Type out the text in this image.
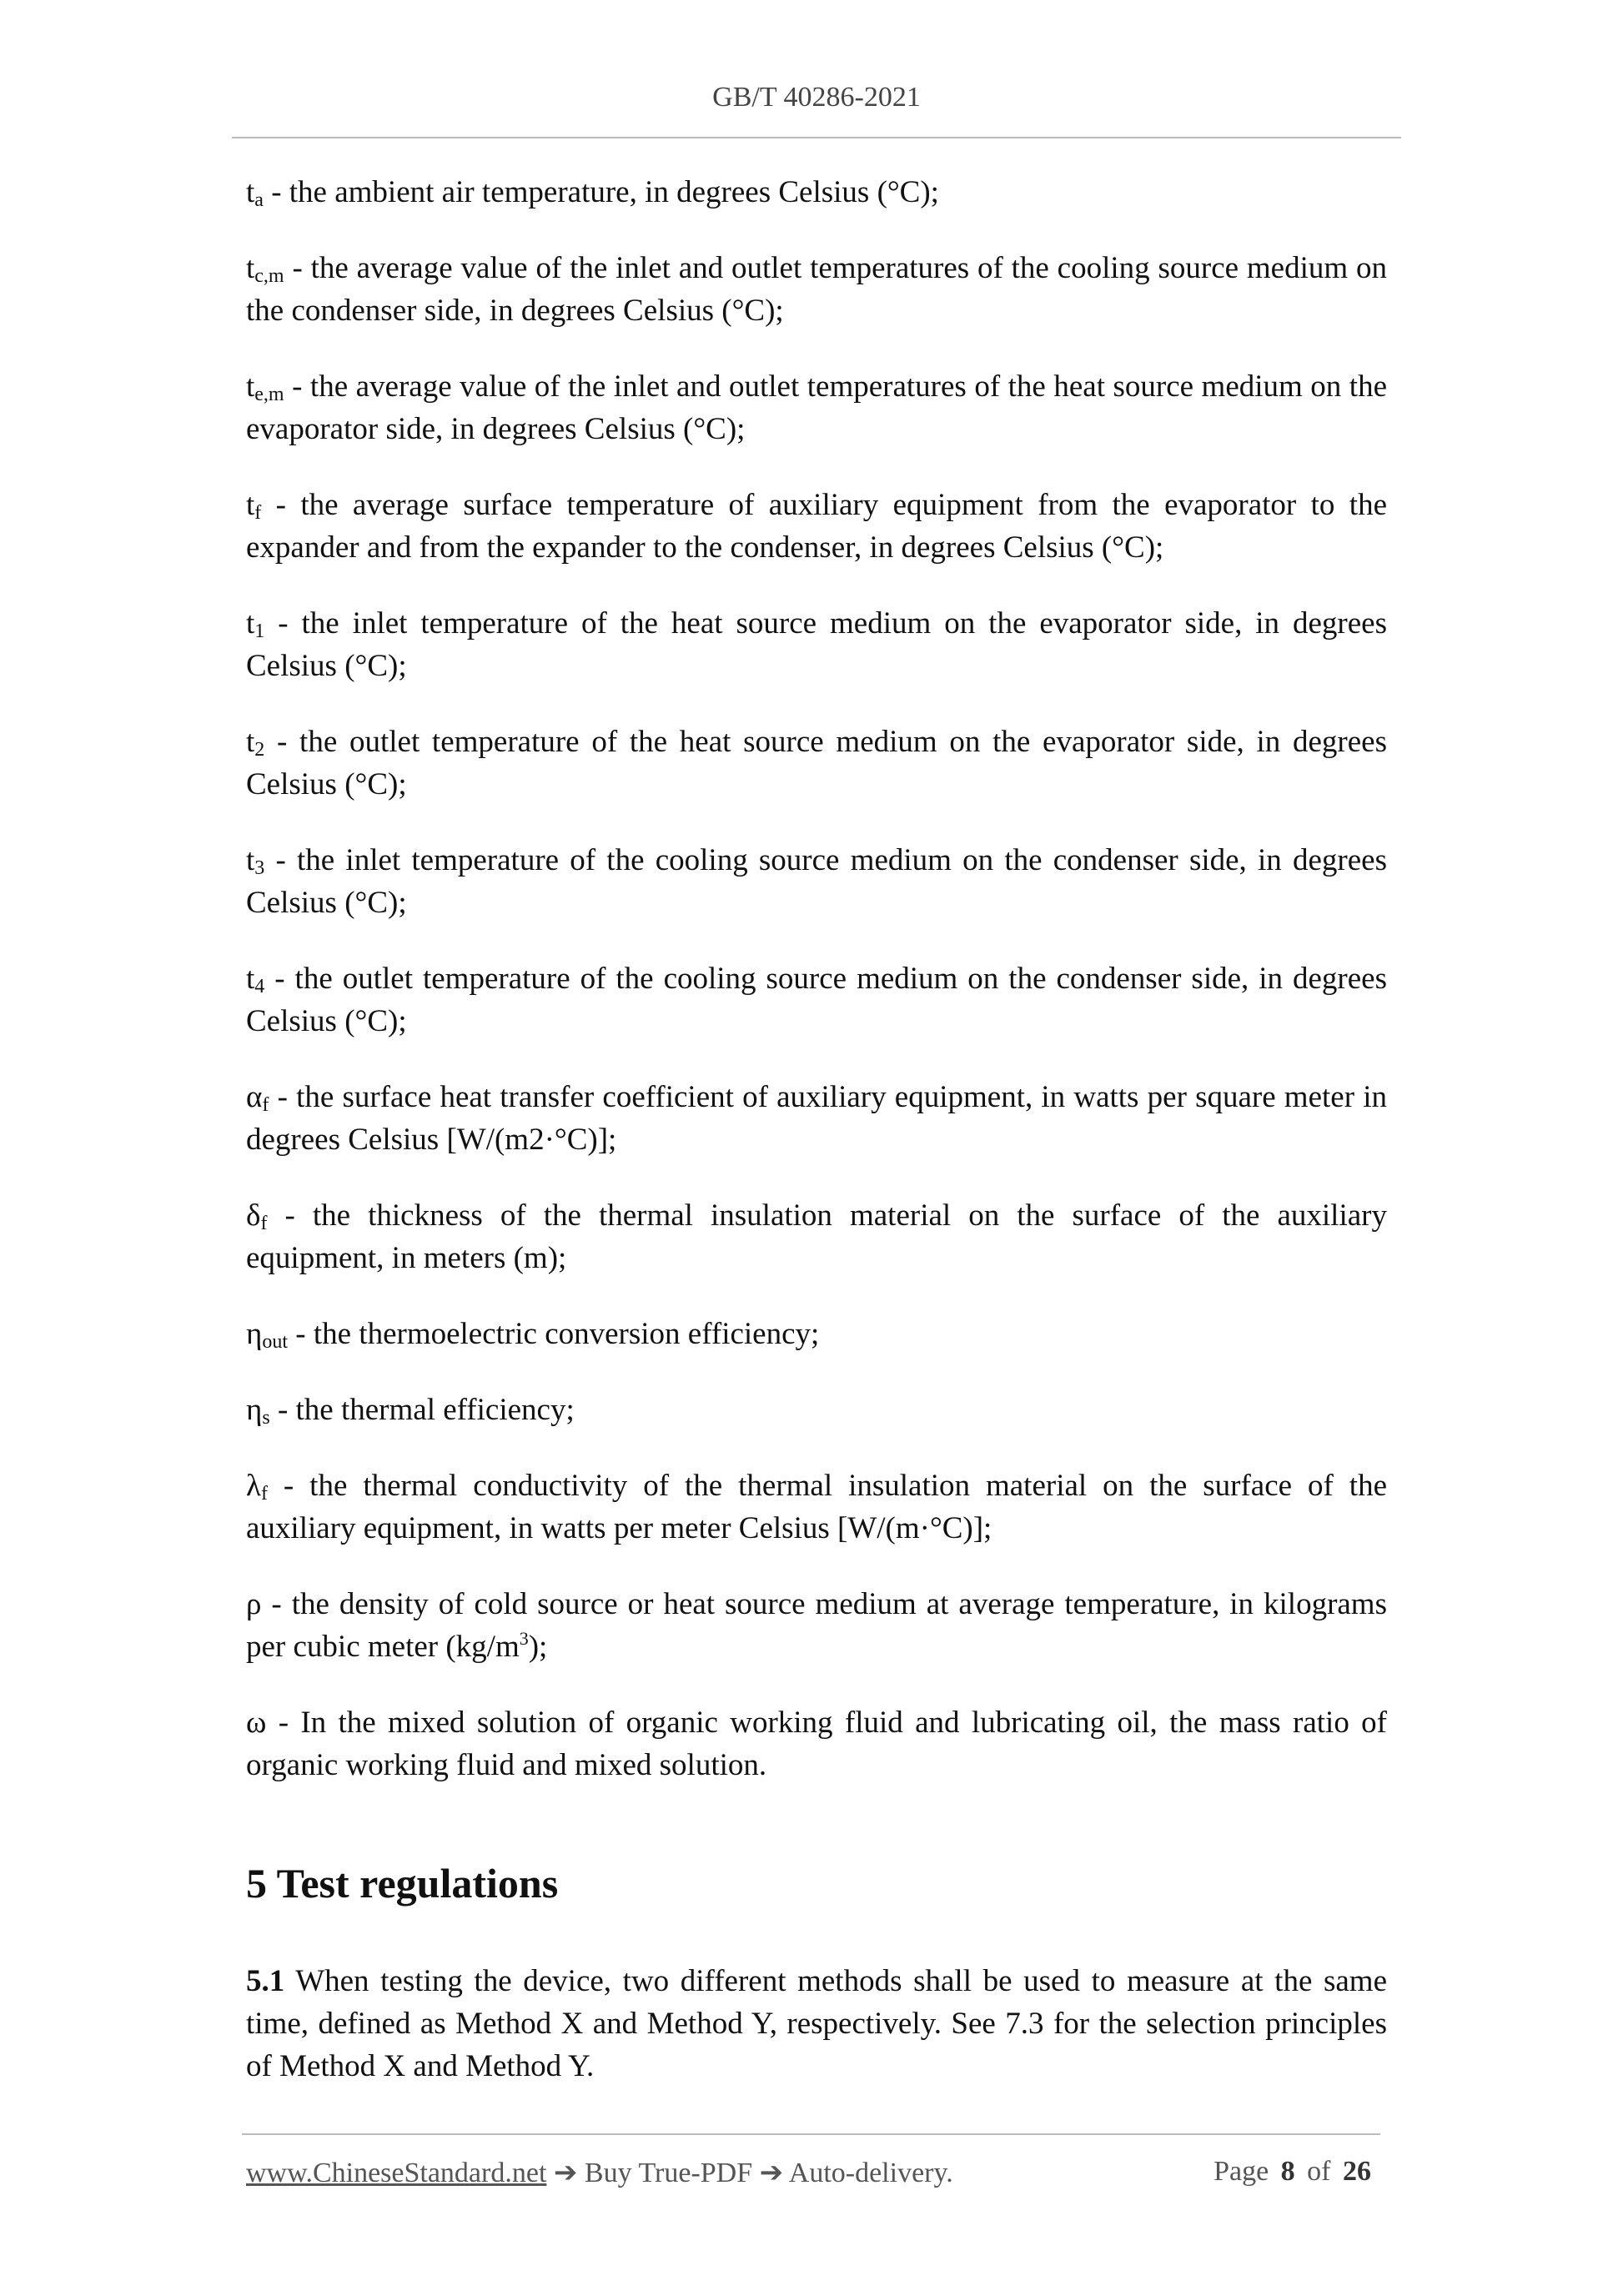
GB/T 40286-2021

$t_a$ - the ambient air temperature, in degrees Celsius (°C);

$t_{c,m}$ - the average value of the inlet and outlet temperatures of the cooling source medium on the condenser side, in degrees Celsius (°C);

$t_{e,m}$ - the average value of the inlet and outlet temperatures of the heat source medium on the evaporator side, in degrees Celsius (°C);

$t_f$ - the average surface temperature of auxiliary equipment from the evaporator to the expander and from the expander to the condenser, in degrees Celsius (°C);

$t_1$ - the inlet temperature of the heat source medium on the evaporator side, in degrees Celsius (°C);

$t_2$ - the outlet temperature of the heat source medium on the evaporator side, in degrees Celsius (°C);

$t_3$ - the inlet temperature of the cooling source medium on the condenser side, in degrees Celsius (°C);

$t_4$ - the outlet temperature of the cooling source medium on the condenser side, in degrees Celsius (°C);

$\alpha_f$ - the surface heat transfer coefficient of auxiliary equipment, in watts per square meter in degrees Celsius [W/(m2·°C)];

$\delta_f$ - the thickness of the thermal insulation material on the surface of the auxiliary equipment, in meters (m);

$\eta_{out}$ - the thermoelectric conversion efficiency;

$\eta_s$ - the thermal efficiency;

$\lambda_f$ - the thermal conductivity of the thermal insulation material on the surface of the auxiliary equipment, in watts per meter Celsius [W/(m·°C)];

ρ - the density of cold source or heat source medium at average temperature, in kilograms per cubic meter $(kg/m^3)$;

ω - In the mixed solution of organic working fluid and lubricating oil, the mass ratio of organic working fluid and mixed solution.

5 Test regulations

5.1 When testing the device, two different methods shall be used to measure at the same time, defined as Method X and Method Y, respectively. See 7.3 for the selection principles of Method X and Method Y.

www.ChineseStandard.net ➔ Buy True-PDF ➔ Auto-delivery.	Page 8 of 26
